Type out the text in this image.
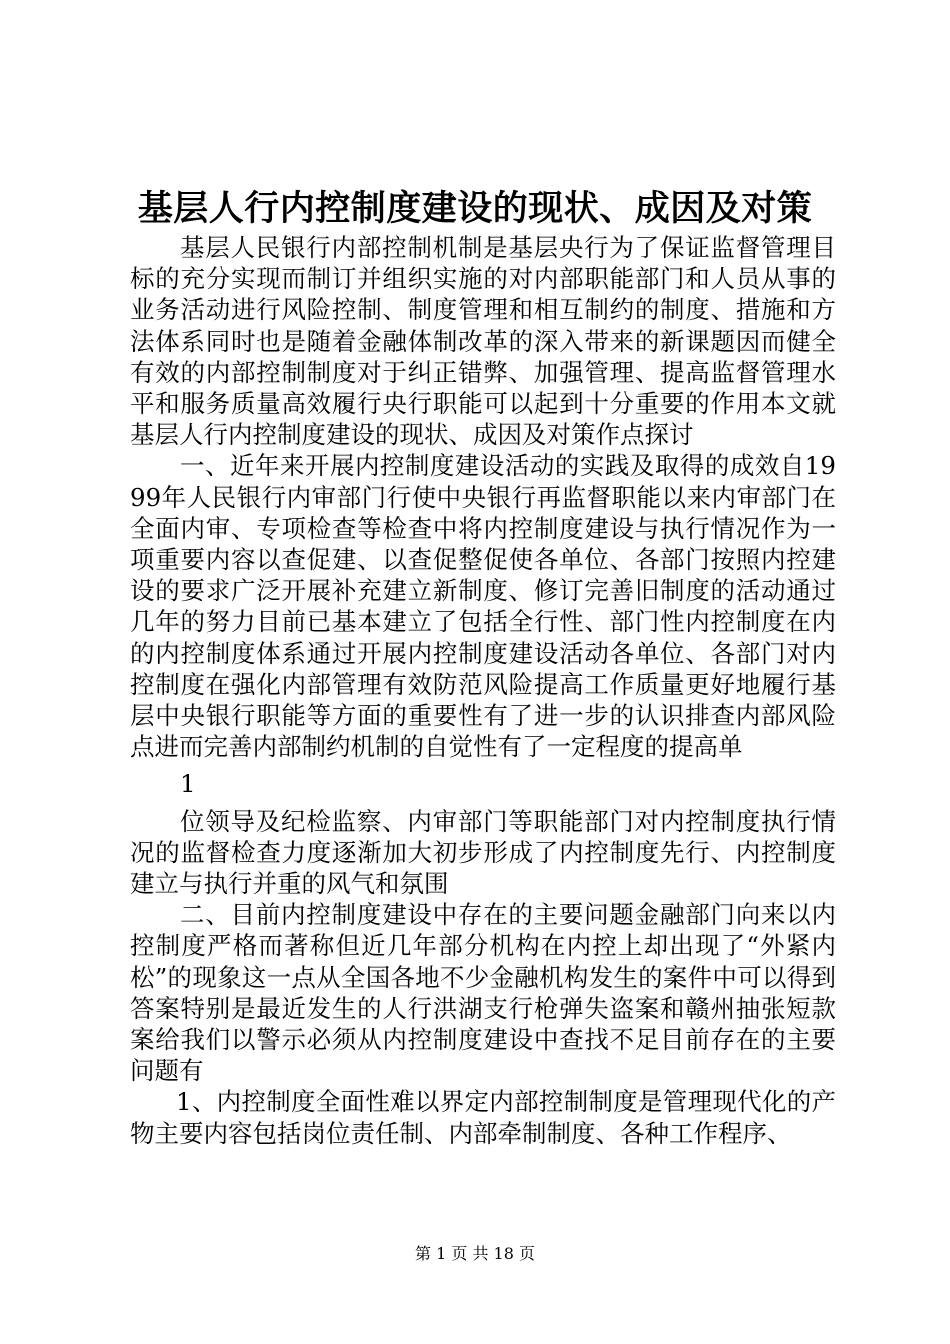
基层人行内控制度建设的现状、成因及对策

基层人民银行内部控制机制是基层央行为了保证监督管理目标的充分实现而制订并组织实施的对内部职能部门和人员从事的业务活动进行风险控制、制度管理和相互制约的制度、措施和方法体系同时也是随着金融体制改革的深入带来的新课题因而健全有效的内部控制制度对于纠正错弊、加强管理、提高监督管理水平和服务质量高效履行央行职能可以起到十分重要的作用本文就基层人行内控制度建设的现状、成因及对策作点探讨

一、近年来开展内控制度建设活动的实践及取得的成效自1999年人民银行内审部门行使中央银行再监督职能以来内审部门在全面内审、专项检查等检查中将内控制度建设与执行情况作为一项重要内容以查促建、以查促整促使各单位、各部门按照内控建设的要求广泛开展补充建立新制度、修订完善旧制度的活动通过几年的努力目前已基本建立了包括全行性、部门性内控制度在内的内控制度体系通过开展内控制度建设活动各单位、各部门对内控制度在强化内部管理有效防范风险提高工作质量更好地履行基层中央银行职能等方面的重要性有了进一步的认识排查内部风险点进而完善内部制约机制的自觉性有了一定程度的提高单

1

位领导及纪检监察、内审部门等职能部门对内控制度执行情况的监督检查力度逐渐加大初步形成了内控制度先行、内控制度建立与执行并重的风气和氛围

二、目前内控制度建设中存在的主要问题金融部门向来以内控制度严格而著称但近几年部分机构在内控上却出现了“外紧内松”的现象这一点从全国各地不少金融机构发生的案件中可以得到答案特别是最近发生的人行洪湖支行枪弹失盗案和赣州抽张短款案给我们以警示必须从内控制度建设中查找不足目前存在的主要问题有

1、内控制度全面性难以界定内部控制制度是管理现代化的产物主要内容包括岗位责任制、内部牵制制度、各种工作程序、

第 1 页 共 18 页
